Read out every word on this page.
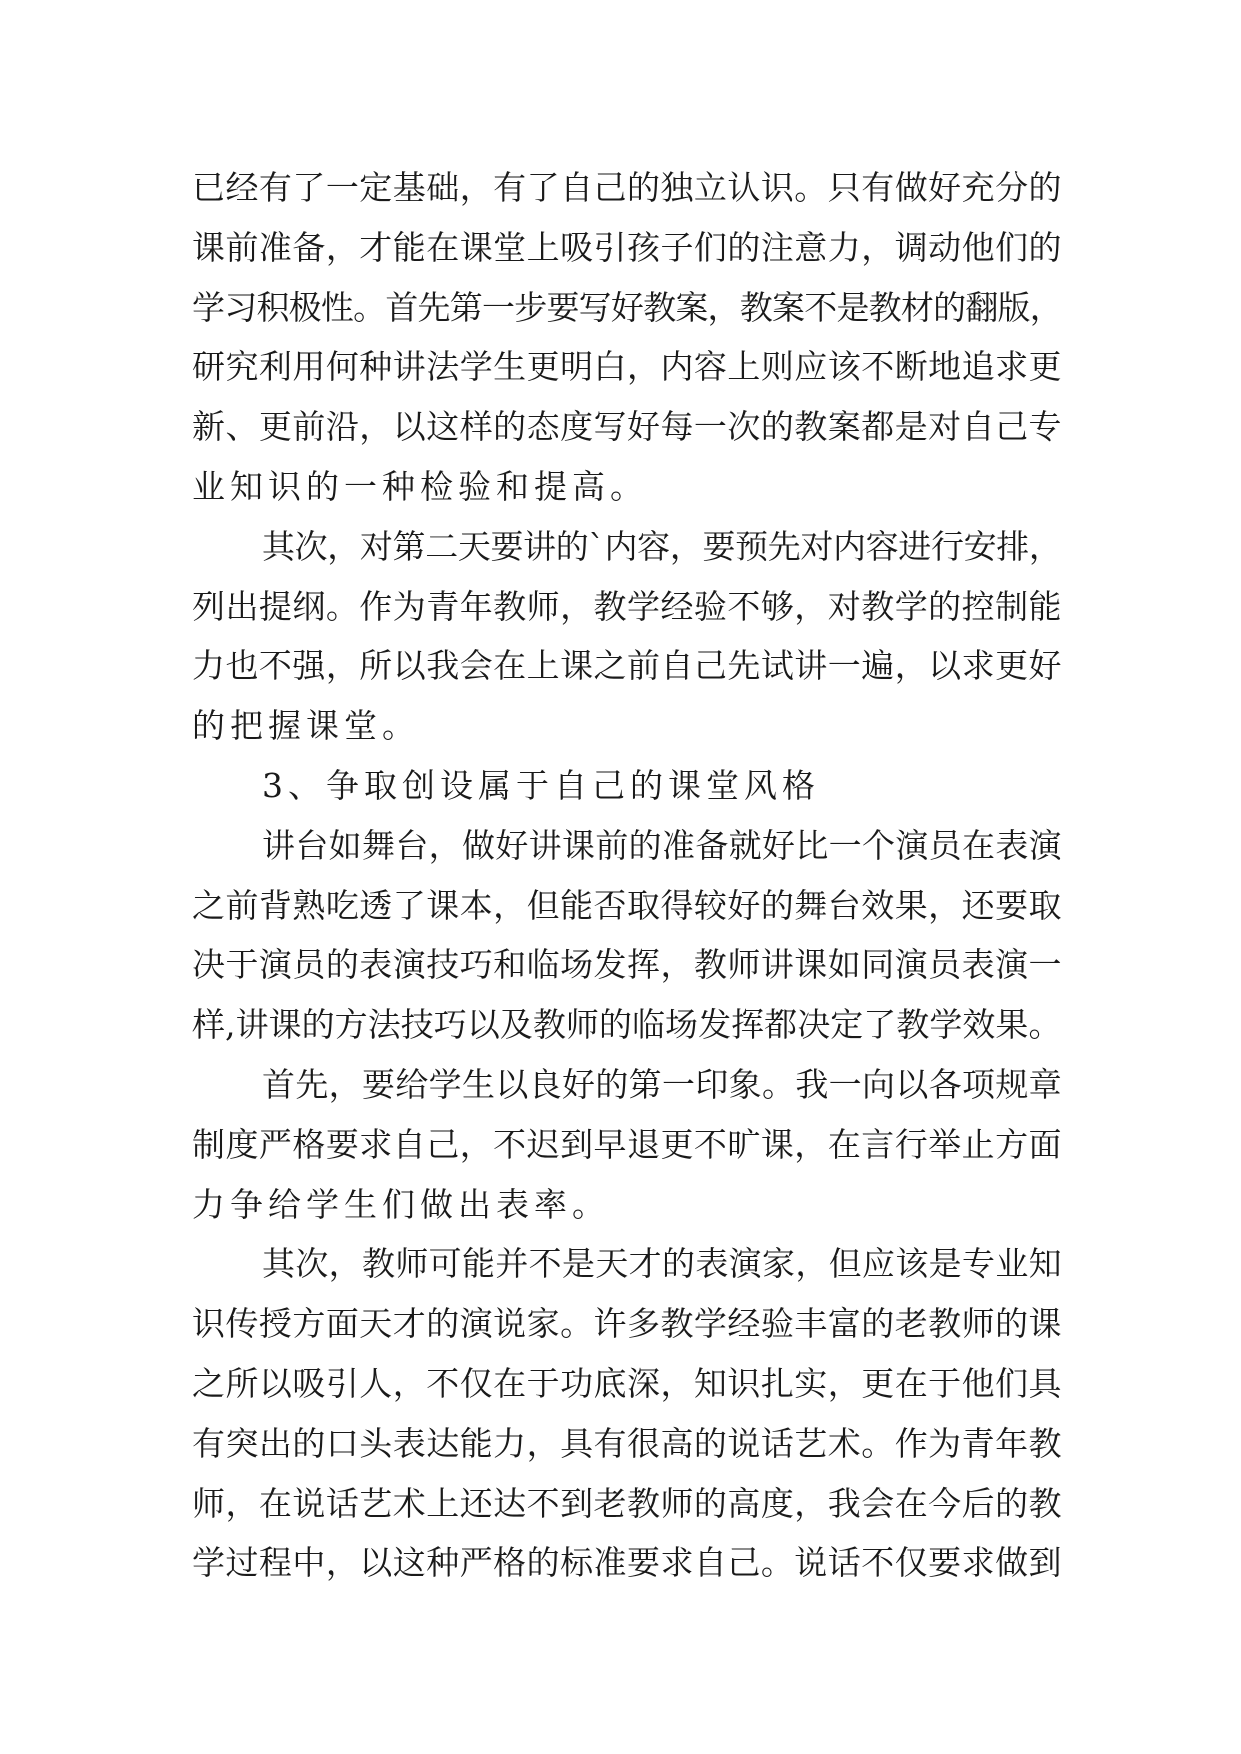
已经有了一定基础，有了自己的独立认识。只有做好充分的
课前准备，才能在课堂上吸引孩子们的注意力，调动他们的
学习积极性。首先第一步要写好教案，教案不是教材的翻版，
研究利用何种讲法学生更明白，内容上则应该不断地追求更
新、更前沿，以这样的态度写好每一次的教案都是对自己专
业知识的一种检验和提高。
其次，对第二天要讲的`内容，要预先对内容进行安排，
列出提纲。作为青年教师，教学经验不够，对教学的控制能
力也不强，所以我会在上课之前自己先试讲一遍，以求更好
的把握课堂。
3、争取创设属于自己的课堂风格
讲台如舞台，做好讲课前的准备就好比一个演员在表演
之前背熟吃透了课本，但能否取得较好的舞台效果，还要取
决于演员的表演技巧和临场发挥，教师讲课如同演员表演一
样,讲课的方法技巧以及教师的临场发挥都决定了教学效果。
首先，要给学生以良好的第一印象。我一向以各项规章
制度严格要求自己，不迟到早退更不旷课，在言行举止方面
力争给学生们做出表率。
其次，教师可能并不是天才的表演家，但应该是专业知
识传授方面天才的演说家。许多教学经验丰富的老教师的课
之所以吸引人，不仅在于功底深，知识扎实，更在于他们具
有突出的口头表达能力，具有很高的说话艺术。作为青年教
师，在说话艺术上还达不到老教师的高度，我会在今后的教
学过程中，以这种严格的标准要求自己。说话不仅要求做到
